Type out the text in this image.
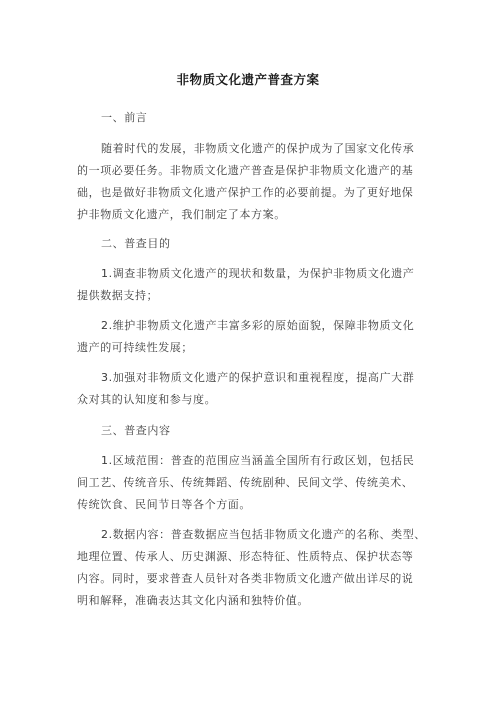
非物质文化遗产普查方案
一、前言
随着时代的发展，非物质文化遗产的保护成为了国家文化传承
的一项必要任务。非物质文化遗产普查是保护非物质文化遗产的基
础，也是做好非物质文化遗产保护工作的必要前提。为了更好地保
护非物质文化遗产，我们制定了本方案。
二、普查目的
1.调查非物质文化遗产的现状和数量，为保护非物质文化遗产
提供数据支持；
2.维护非物质文化遗产丰富多彩的原始面貌，保障非物质文化
遗产的可持续性发展；
3.加强对非物质文化遗产的保护意识和重视程度，提高广大群
众对其的认知度和参与度。
三、普查内容
1.区域范围：普查的范围应当涵盖全国所有行政区划，包括民
间工艺、传统音乐、传统舞蹈、传统剧种、民间文学、传统美术、
传统饮食、民间节日等各个方面。
2.数据内容：普查数据应当包括非物质文化遗产的名称、类型、
地理位置、传承人、历史渊源、形态特征、性质特点、保护状态等
内容。同时，要求普查人员针对各类非物质文化遗产做出详尽的说
明和解释，准确表达其文化内涵和独特价值。
